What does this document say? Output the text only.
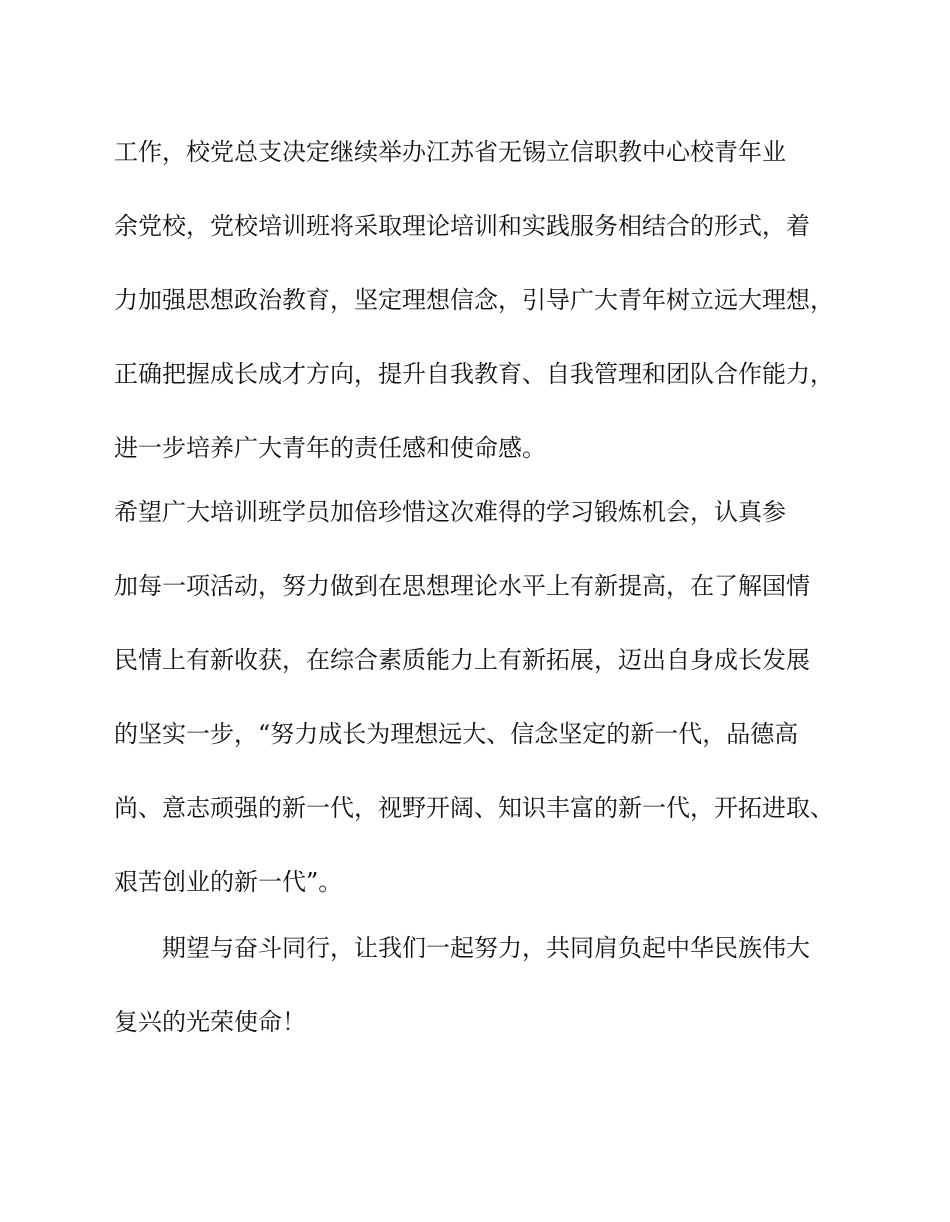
工作，校党总支决定继续举办江苏省无锡立信职教中心校青年业
余党校，党校培训班将采取理论培训和实践服务相结合的形式，着
力加强思想政治教育，坚定理想信念，引导广大青年树立远大理想，
正确把握成长成才方向，提升自我教育、自我管理和团队合作能力，
进一步培养广大青年的责任感和使命感。
希望广大培训班学员加倍珍惜这次难得的学习锻炼机会，认真参
加每一项活动，努力做到在思想理论水平上有新提高，在了解国情
民情上有新收获，在综合素质能力上有新拓展，迈出自身成长发展
的坚实一步，“努力成长为理想远大、信念坚定的新一代，品德高
尚、意志顽强的新一代，视野开阔、知识丰富的新一代，开拓进取、
艰苦创业的新一代”。
期望与奋斗同行，让我们一起努力，共同肩负起中华民族伟大
复兴的光荣使命！
